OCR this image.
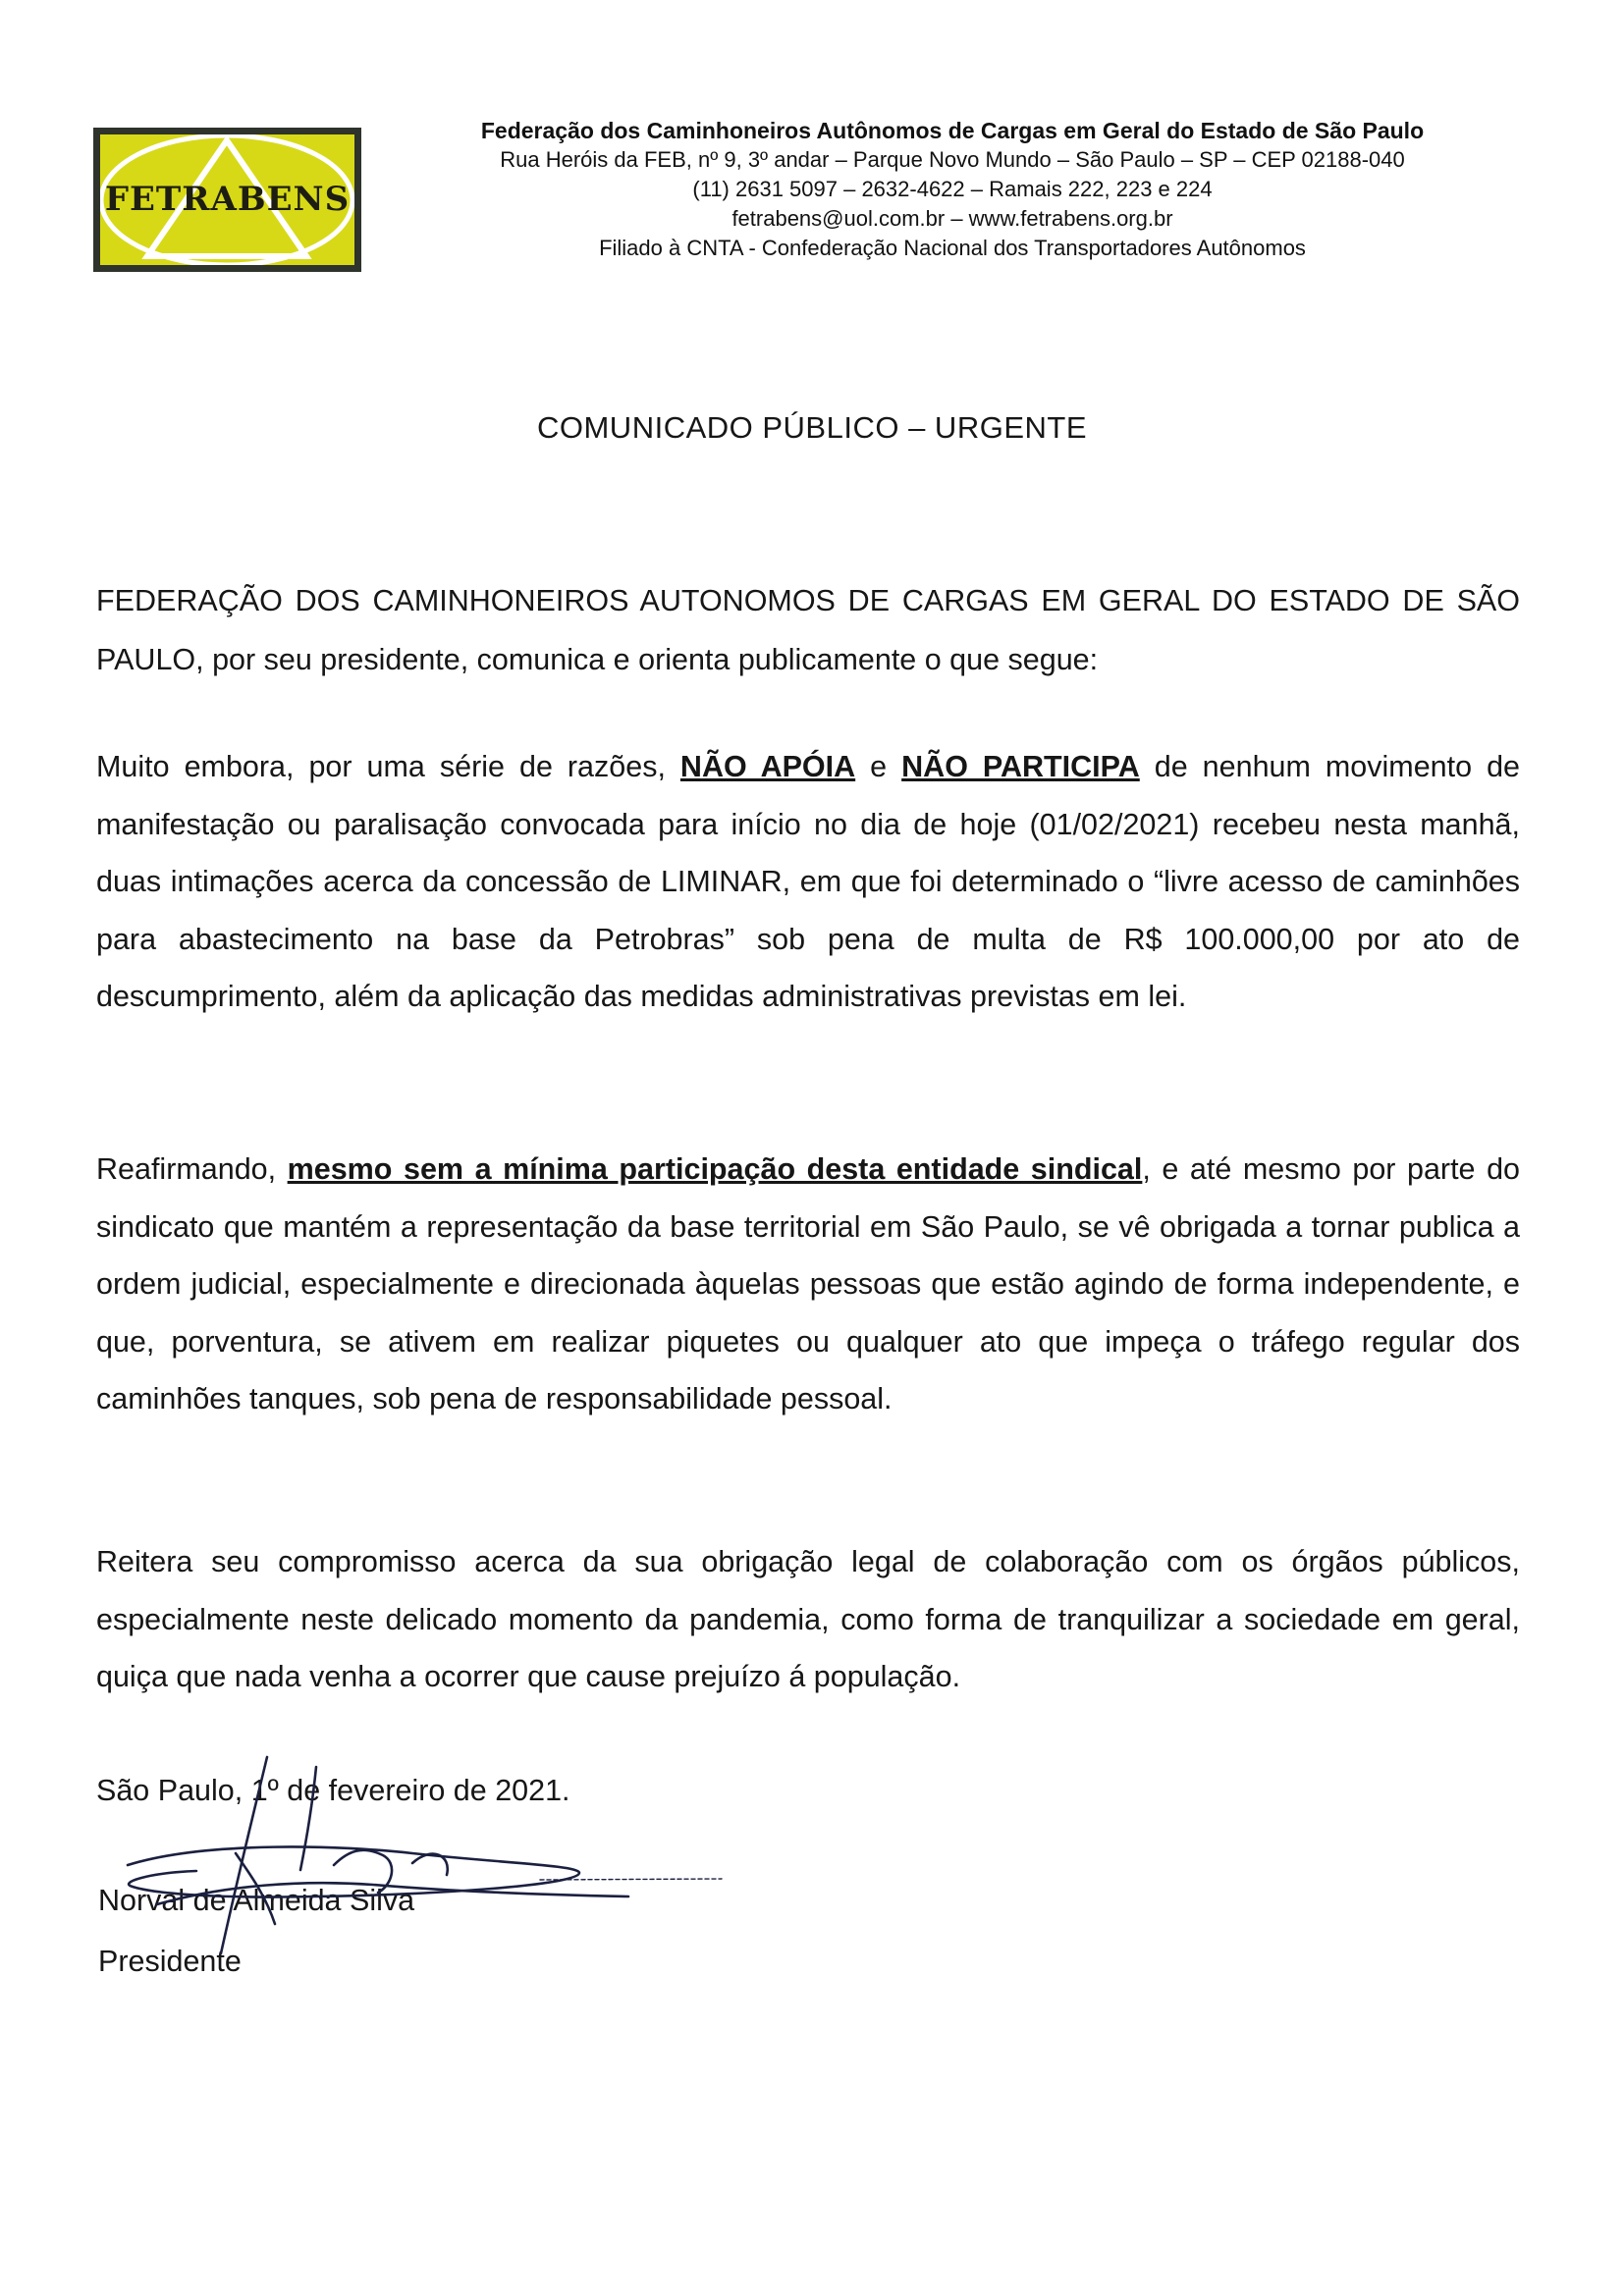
FETRABENS
Federação dos Caminhoneiros Autônomos de Cargas em Geral do Estado de São Paulo
Rua Heróis da FEB, nº 9, 3º andar – Parque Novo Mundo – São Paulo – SP – CEP 02188-040
(11) 2631 5097 – 2632-4622 – Ramais 222, 223 e 224
fetrabens@uol.com.br – www.fetrabens.org.br
Filiado à CNTA - Confederação Nacional dos Transportadores Autônomos
COMUNICADO PÚBLICO – URGENTE
FEDERAÇÃO DOS CAMINHONEIROS AUTONOMOS DE CARGAS EM GERAL DO ESTADO DE SÃO PAULO, por seu presidente, comunica e orienta publicamente o que segue:
Muito embora, por uma série de razões, NÃO APÓIA e NÃO PARTICIPA de nenhum movimento de manifestação ou paralisação convocada para início no dia de hoje (01/02/2021) recebeu nesta manhã, duas intimações acerca da concessão de LIMINAR, em que foi determinado o “livre acesso de caminhões para abastecimento na base da Petrobras” sob pena de multa de R$ 100.000,00 por ato de descumprimento, além da aplicação das medidas administrativas previstas em lei.
Reafirmando, mesmo sem a mínima participação desta entidade sindical, e até mesmo por parte do sindicato que mantém a representação da base territorial em São Paulo, se vê obrigada a tornar publica a ordem judicial, especialmente e direcionada àquelas pessoas que estão agindo de forma independente, e que, porventura, se ativem em realizar piquetes ou qualquer ato que impeça o tráfego regular dos caminhões tanques, sob pena de responsabilidade pessoal.
Reitera seu compromisso acerca da sua obrigação legal de colaboração com os órgãos públicos, especialmente neste delicado momento da pandemia, como forma de tranquilizar a sociedade em geral, quiça que nada venha a ocorrer que cause prejuízo á população.
São Paulo, 1º de fevereiro de 2021.
Norval de Almeida Silva
Presidente
